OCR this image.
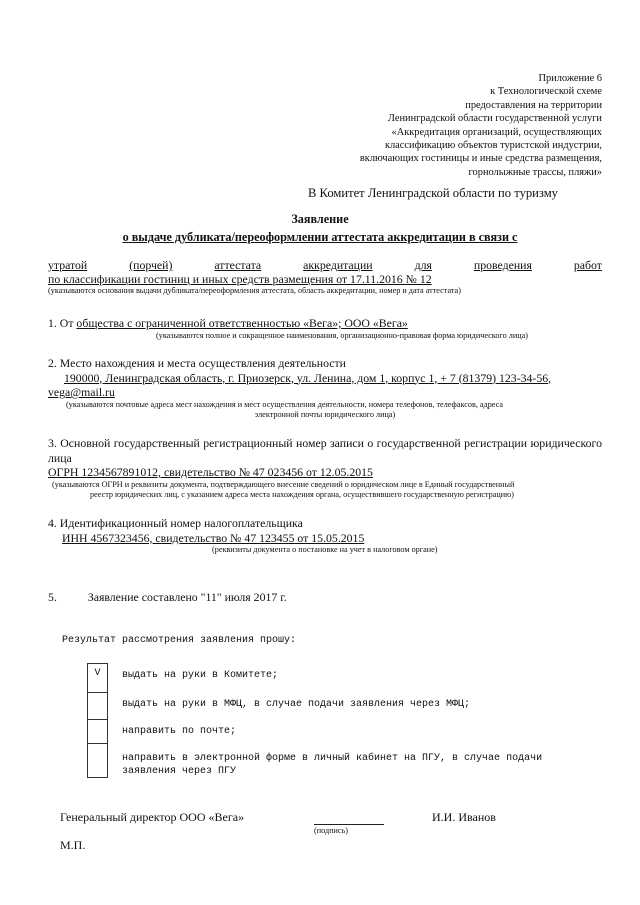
Приложение 6
к Технологической схеме
предоставления на территории
Ленинградской области государственной услуги
«Аккредитация организаций, осуществляющих
классификацию объектов туристской индустрии,
включающих гостиницы и иные средства размещения,
горнолыжные трассы, пляжи»
В Комитет Ленинградской области по туризму
Заявление
о выдаче дубликата/переоформлении аттестата аккредитации в связи с
утратой	(порчей)	аттестата	аккредитации	для	проведения	работ
по классификации гостиниц и иных средств размещения от 17.11.2016 № 12
(указываются основания выдачи дубликата/переоформления аттестата, область аккредитации, номер и дата аттестата)
1. От обществa с ограниченной ответственностью «Вега»; ООО «Вега»
(указываются полное и сокращенное наименования, организационно-правовая форма юридического лица)
2. Место нахождения и места осуществления деятельности
190000, Ленинградская область, г. Приозерск, ул. Ленина, дом 1, корпус 1, + 7 (81379) 123-34-56,
vega@mail.ru
(указываются почтовые адреса мест нахождения и мест осуществления деятельности, номера телефонов, телефаксов, адреса
электронной почты юридического лица)
3. Основной государственный регистрационный номер записи о государственной регистрации юридического лица
ОГРН 1234567891012, свидетельство № 47 023456 от 12.05.2015
(указываются ОГРН и реквизиты документа, подтверждающего внесение сведений о юридическом лице в Единый государственный
реестр юридических лиц, с указанием адреса места нахождения органа, осуществившего государственную регистрацию)
4. Идентификационный номер налогоплательщика
ИНН 4567323456, свидетельство № 47 123455 от 15.05.2015
(реквизиты документа о постановке на учет в налоговом органе)
5.	Заявление составлено "11" июля 2017 г.
Результат рассмотрения заявления прошу:
V	выдать на руки в Комитете;
	выдать на руки в МФЦ, в случае подачи заявления через МФЦ;
	направить по почте;
	направить в электронной форме в личный кабинет на ПГУ, в случае подачи заявления через ПГУ
Генеральный директор ООО «Вега»
(подпись)
И.И. Иванов
М.П.
